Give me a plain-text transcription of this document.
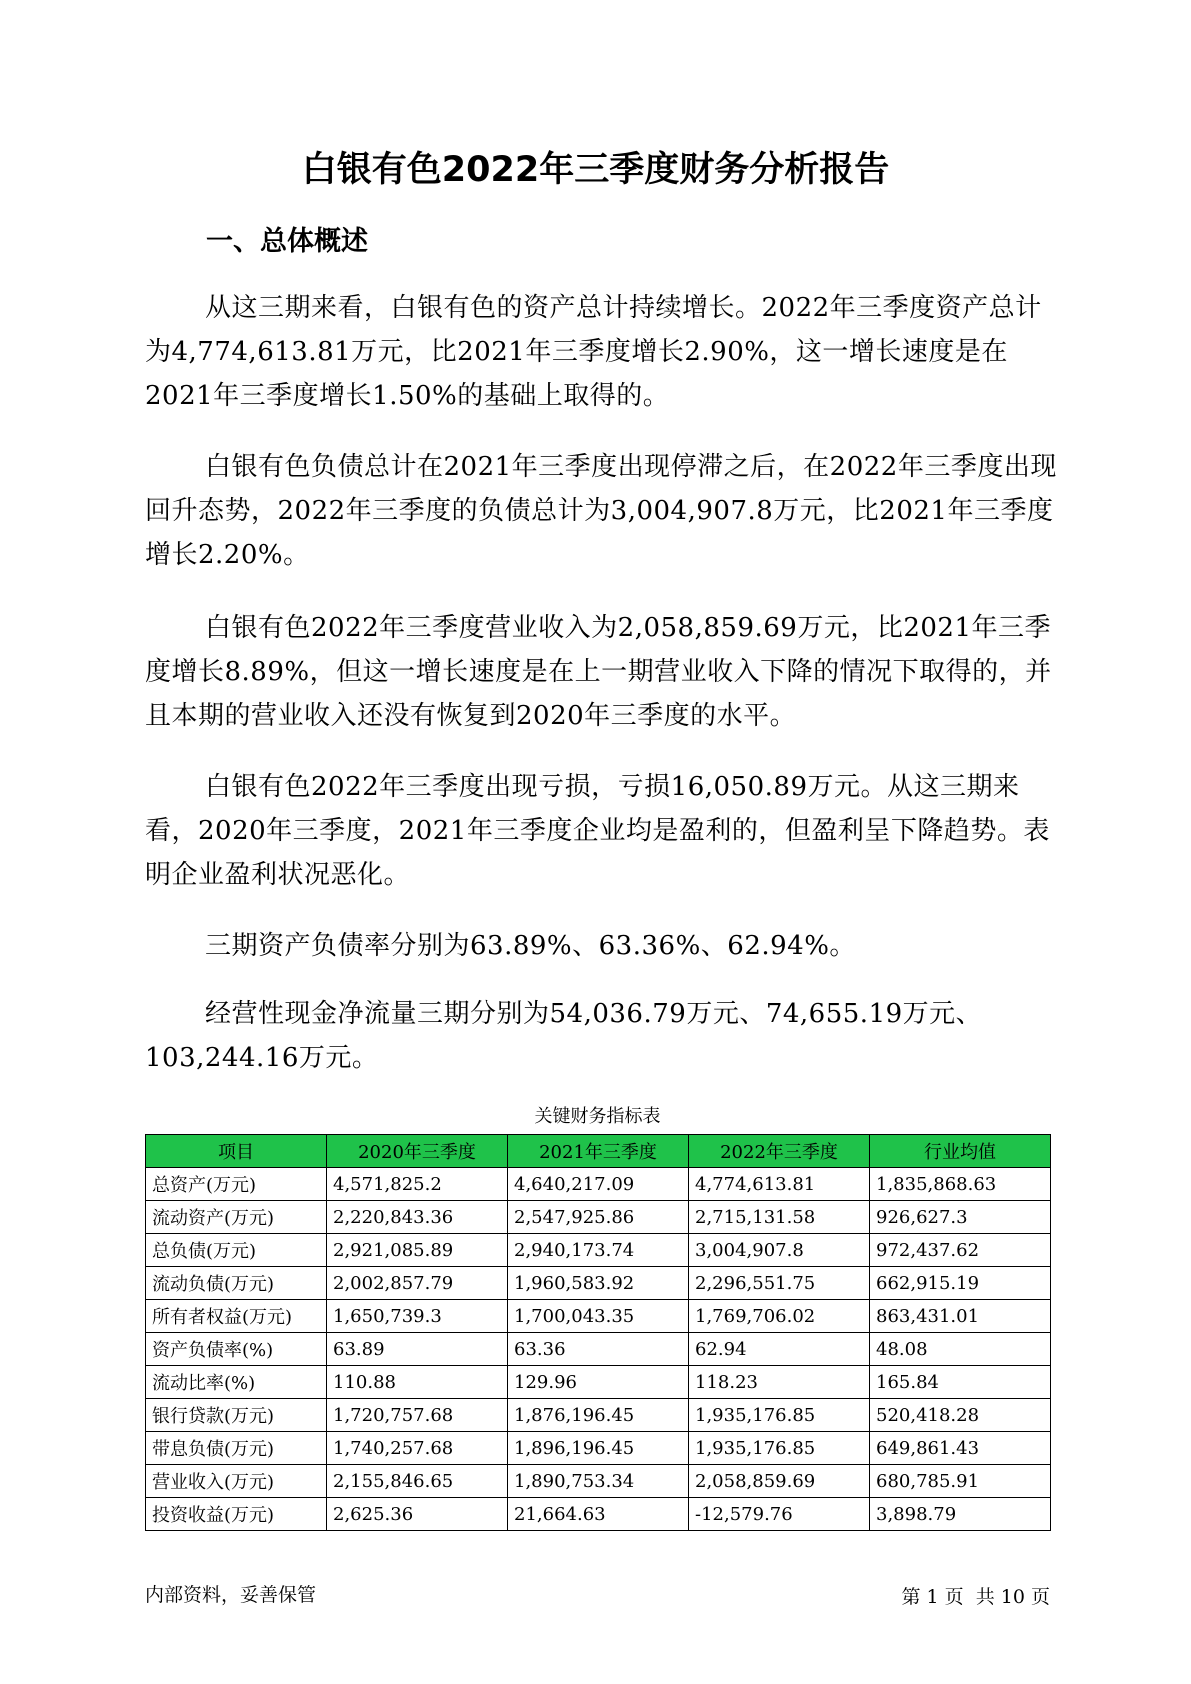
白银有色2022年三季度财务分析报告
一、总体概述

从这三期来看，白银有色的资产总计持续增长。2022年三季度资产总计为4,774,613.81万元，比2021年三季度增长2.90%，这一增长速度是在2021年三季度增长1.50%的基础上取得的。

白银有色负债总计在2021年三季度出现停滞之后，在2022年三季度出现回升态势，2022年三季度的负债总计为3,004,907.8万元，比2021年三季度增长2.20%。

白银有色2022年三季度营业收入为2,058,859.69万元，比2021年三季度增长8.89%，但这一增长速度是在上一期营业收入下降的情况下取得的，并且本期的营业收入还没有恢复到2020年三季度的水平。

白银有色2022年三季度出现亏损，亏损16,050.89万元。从这三期来看，2020年三季度，2021年三季度企业均是盈利的，但盈利呈下降趋势。表明企业盈利状况恶化。

三期资产负债率分别为63.89%、63.36%、62.94%。

经营性现金净流量三期分别为54,036.79万元、74,655.19万元、103,244.16万元。

关键财务指标表

项目	2020年三季度	2021年三季度	2022年三季度	行业均值
总资产(万元)	4,571,825.2	4,640,217.09	4,774,613.81	1,835,868.63
流动资产(万元)	2,220,843.36	2,547,925.86	2,715,131.58	926,627.3
总负债(万元)	2,921,085.89	2,940,173.74	3,004,907.8	972,437.62
流动负债(万元)	2,002,857.79	1,960,583.92	2,296,551.75	662,915.19
所有者权益(万元)	1,650,739.3	1,700,043.35	1,769,706.02	863,431.01
资产负债率(%)	63.89	63.36	62.94	48.08
流动比率(%)	110.88	129.96	118.23	165.84
银行贷款(万元)	1,720,757.68	1,876,196.45	1,935,176.85	520,418.28
带息负债(万元)	1,740,257.68	1,896,196.45	1,935,176.85	649,861.43
营业收入(万元)	2,155,846.65	1,890,753.34	2,058,859.69	680,785.91
投资收益(万元)	2,625.36	21,664.63	-12,579.76	3,898.79

内部资料，妥善保管	第 1 页  共 10 页
